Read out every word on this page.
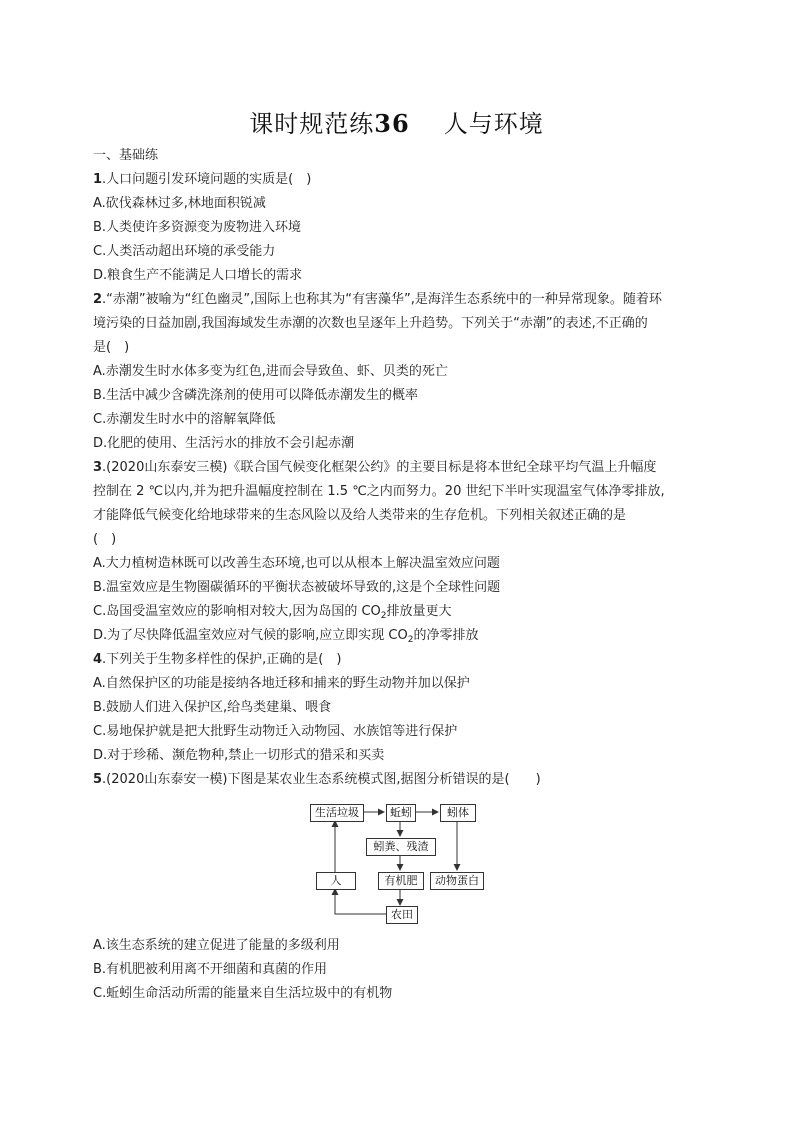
课时规范练36 人与环境

一、基础练

1.人口问题引发环境问题的实质是(　)

A.砍伐森林过多,林地面积锐减

B.人类使许多资源变为废物进入环境

C.人类活动超出环境的承受能力

D.粮食生产不能满足人口增长的需求

2.“赤潮”被喻为“红色幽灵”,国际上也称其为“有害藻华”,是海洋生态系统中的一种异常现象。随着环

境污染的日益加剧,我国海域发生赤潮的次数也呈逐年上升趋势。下列关于“赤潮”的表述,不正确的

是(　)

A.赤潮发生时水体多变为红色,进而会导致鱼、虾、贝类的死亡

B.生活中减少含磷洗涤剂的使用可以降低赤潮发生的概率

C.赤潮发生时水中的溶解氧降低

D.化肥的使用、生活污水的排放不会引起赤潮

3.(2020山东泰安三模)《联合国气候变化框架公约》的主要目标是将本世纪全球平均气温上升幅度

控制在 2 ℃以内,并为把升温幅度控制在 1.5 ℃之内而努力。20 世纪下半叶实现温室气体净零排放,

才能降低气候变化给地球带来的生态风险以及给人类带来的生存危机。下列相关叙述正确的是

(　)

A.大力植树造林既可以改善生态环境,也可以从根本上解决温室效应问题

B.温室效应是生物圈碳循环的平衡状态被破坏导致的,这是个全球性问题

C.岛国受温室效应的影响相对较大,因为岛国的 $CO_2$排放量更大

D.为了尽快降低温室效应对气候的影响,应立即实现 $CO_2$的净零排放

4.下列关于生物多样性的保护,正确的是(　)

A.自然保护区的功能是接纳各地迁移和捕来的野生动物并加以保护

B.鼓励人们进入保护区,给鸟类建巢、喂食

C.易地保护就是把大批野生动物迁入动物园、水族馆等进行保护

D.对于珍稀、濒危物种,禁止一切形式的猎采和买卖

5.(2020山东泰安一模)下图是某农业生态系统模式图,据图分析错误的是(　　)

生活垃圾	蚯蚓	蚓体
蚓粪、残渣
人	有机肥	动物蛋白
农田

A.该生态系统的建立促进了能量的多级利用

B.有机肥被利用离不开细菌和真菌的作用

C.蚯蚓生命活动所需的能量来自生活垃圾中的有机物
